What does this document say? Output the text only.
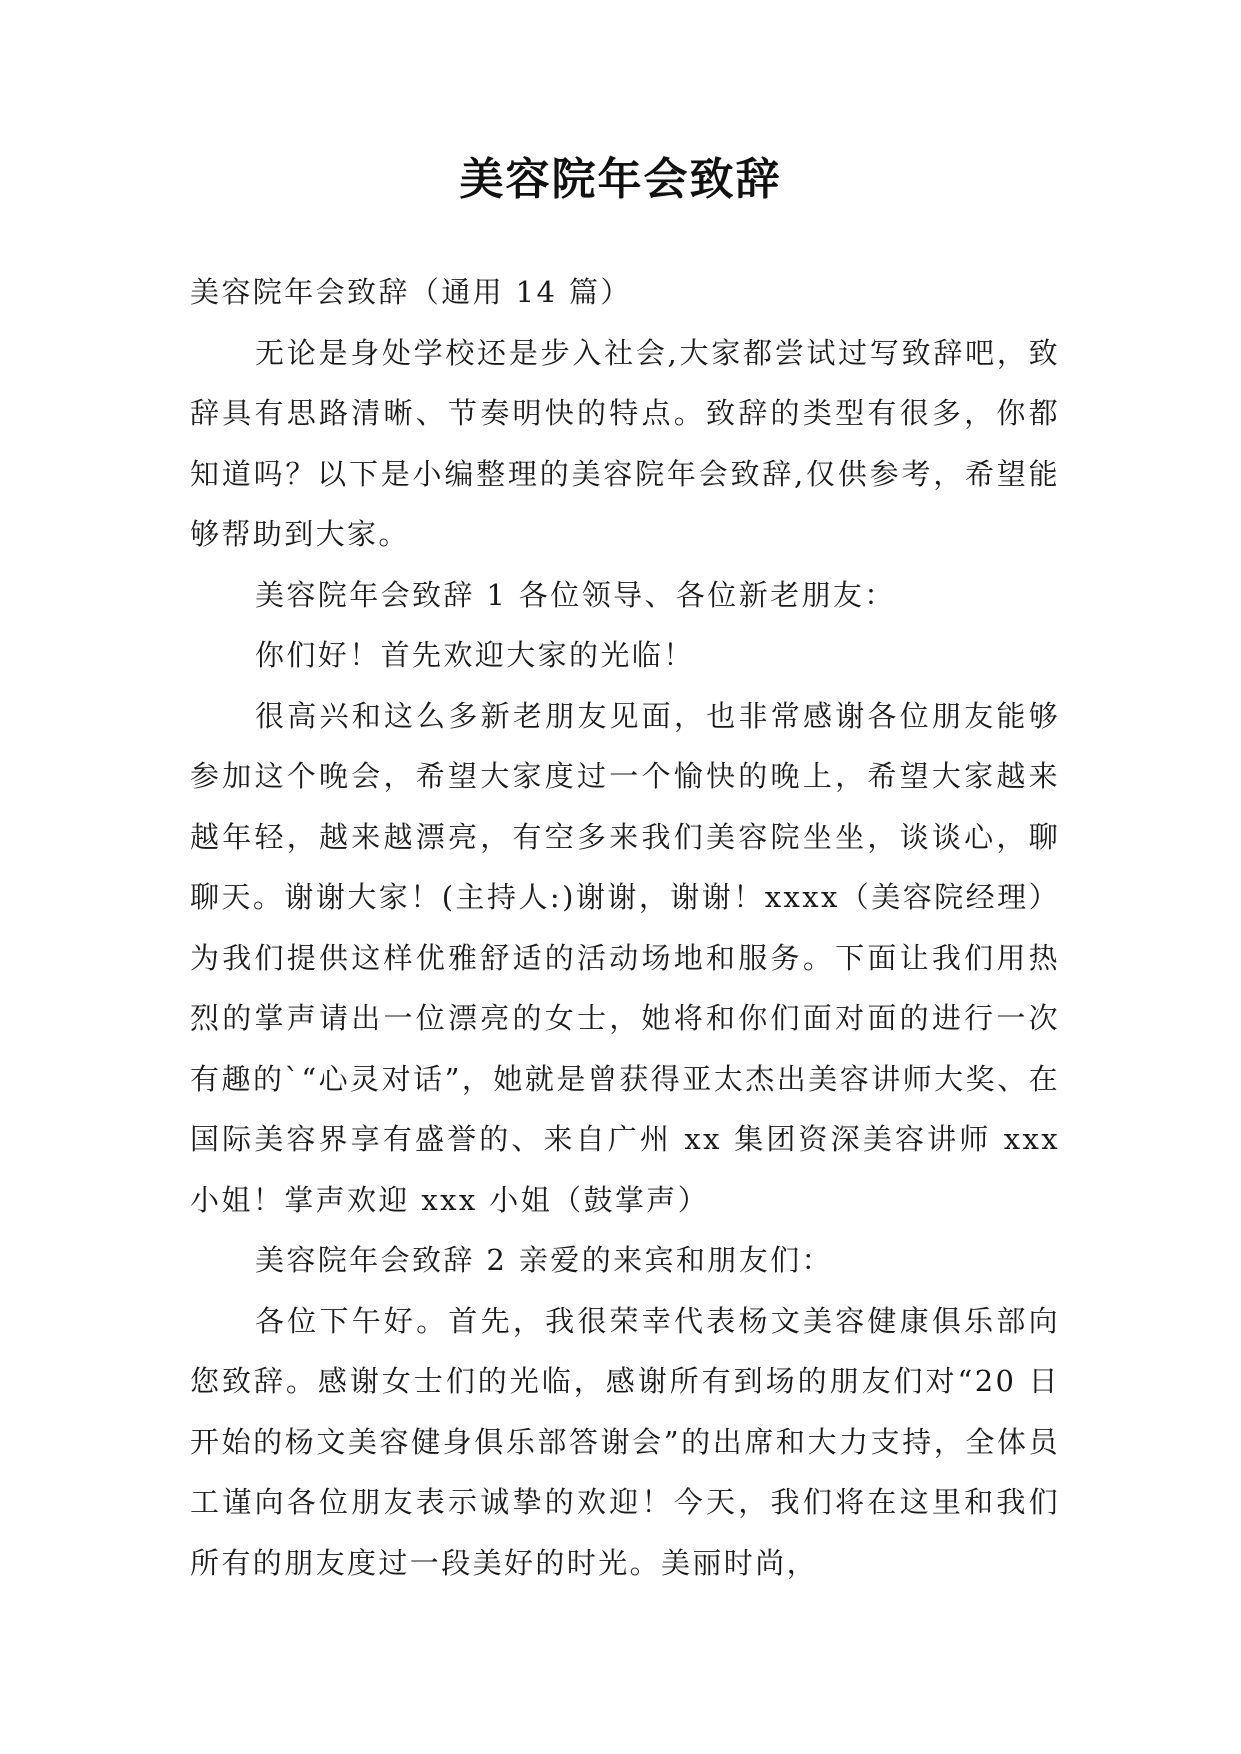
美容院年会致辞

美容院年会致辞（通用 14 篇）

无论是身处学校还是步入社会,大家都尝试过写致辞吧，致辞具有思路清晰、节奏明快的特点。致辞的类型有很多，你都知道吗？以下是小编整理的美容院年会致辞,仅供参考，希望能够帮助到大家。

美容院年会致辞 1 各位领导、各位新老朋友：

你们好！首先欢迎大家的光临！

很高兴和这么多新老朋友见面，也非常感谢各位朋友能够参加这个晚会，希望大家度过一个愉快的晚上，希望大家越来越年轻，越来越漂亮，有空多来我们美容院坐坐，谈谈心，聊聊天。谢谢大家！(主持人:)谢谢，谢谢！xxxx（美容院经理）为我们提供这样优雅舒适的活动场地和服务。下面让我们用热烈的掌声请出一位漂亮的女士，她将和你们面对面的进行一次有趣的`“心灵对话”，她就是曾获得亚太杰出美容讲师大奖、在国际美容界享有盛誉的、来自广州 xx 集团资深美容讲师 xxx 小姐！掌声欢迎 xxx 小姐（鼓掌声）

美容院年会致辞 2 亲爱的来宾和朋友们：

各位下午好。首先，我很荣幸代表杨文美容健康俱乐部向您致辞。感谢女士们的光临，感谢所有到场的朋友们对“20 日开始的杨文美容健身俱乐部答谢会”的出席和大力支持，全体员工谨向各位朋友表示诚挚的欢迎！今天，我们将在这里和我们所有的朋友度过一段美好的时光。美丽时尚，
